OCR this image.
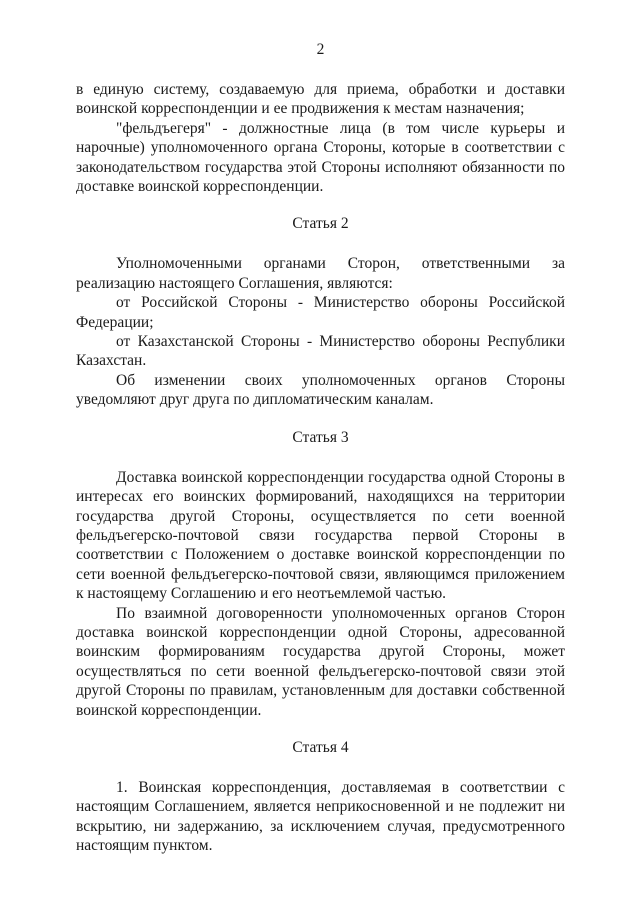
2

в единую систему, создаваемую для приема, обработки и доставки воинской корреспонденции и ее продвижения к местам назначения;

"фельдъегеря" - должностные лица (в том числе курьеры и нарочные) уполномоченного органа Стороны, которые в соответствии с законодательством государства этой Стороны исполняют обязанности по доставке воинской корреспонденции.

Статья 2

Уполномоченными органами Сторон, ответственными за реализацию настоящего Соглашения, являются:

от Российской Стороны - Министерство обороны Российской Федерации;

от Казахстанской Стороны - Министерство обороны Республики Казахстан.

Об изменении своих уполномоченных органов Стороны уведомляют друг друга по дипломатическим каналам.

Статья 3

Доставка воинской корреспонденции государства одной Стороны в интересах его воинских формирований, находящихся на территории государства другой Стороны, осуществляется по сети военной фельдъегерско-почтовой связи государства первой Стороны в соответствии с Положением о доставке воинской корреспонденции по сети военной фельдъегерско-почтовой связи, являющимся приложением к настоящему Соглашению и его неотъемлемой частью.

По взаимной договоренности уполномоченных органов Сторон доставка воинской корреспонденции одной Стороны, адресованной воинским формированиям государства другой Стороны, может осуществляться по сети военной фельдъегерско-почтовой связи этой другой Стороны по правилам, установленным для доставки собственной воинской корреспонденции.

Статья 4

1. Воинская корреспонденция, доставляемая в соответствии с настоящим Соглашением, является неприкосновенной и не подлежит ни вскрытию, ни задержанию, за исключением случая, предусмотренного настоящим пунктом.
